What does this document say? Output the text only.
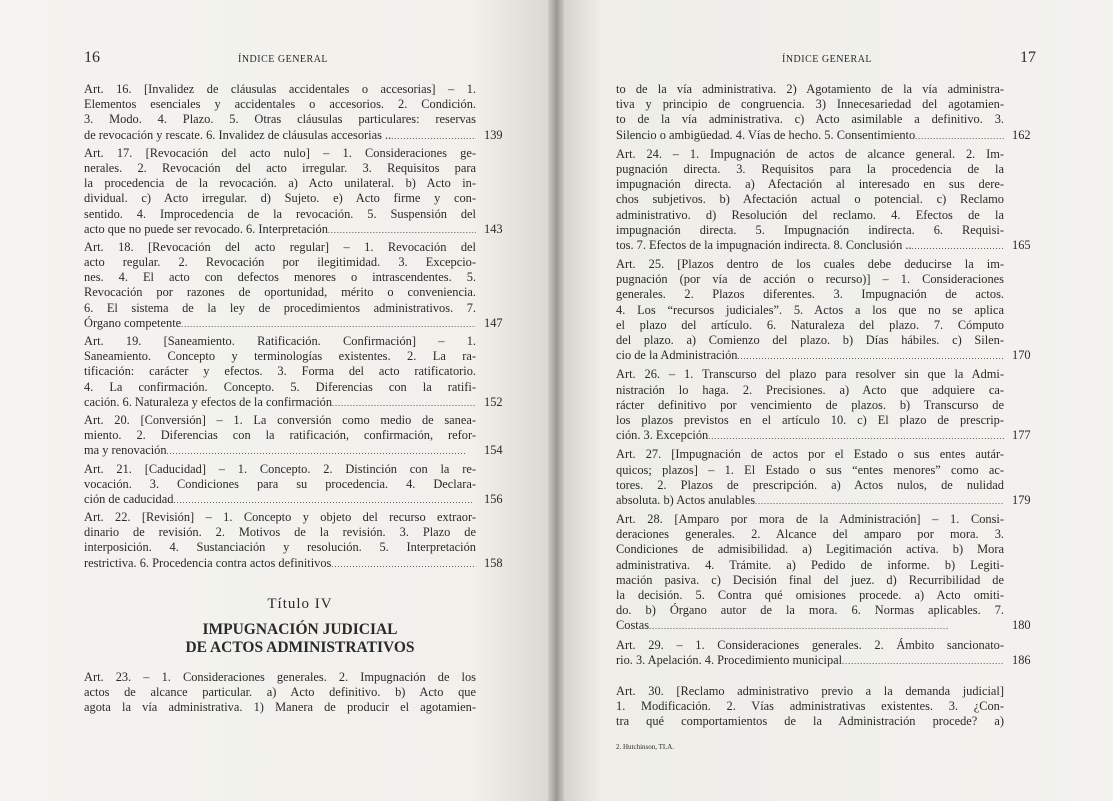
16	ÍNDICE GENERAL
Art. 16. [Invalidez de cláusulas accidentales o accesorias] – 1.
Elementos esenciales y accidentales o accesorios. 2. Condición.
3. Modo. 4. Plazo. 5. Otras cláusulas particulares: reservas
de revocación y rescate. 6. Invalidez de cláusulas accesorias .. . . .	139
Art. 17. [Revocación del acto nulo] – 1. Consideraciones ge-
nerales. 2. Revocación del acto irregular. 3. Requisitos para
la procedencia de la revocación. a) Acto unilateral. b) Acto in-
dividual. c) Acto irregular. d) Sujeto. e) Acto firme y con-
sentido. 4. Improcedencia de la revocación. 5. Suspensión del
acto que no puede ser revocado. 6. Interpretación . . .	143
Art. 18. [Revocación del acto regular] – 1. Revocación del
acto regular. 2. Revocación por ilegitimidad. 3. Excepcio-
nes. 4. El acto con defectos menores o intrascendentes. 5.
Revocación por razones de oportunidad, mérito o conveniencia.
6. El sistema de la ley de procedimientos administrativos. 7.
Órgano competente . . .	147
Art. 19. [Saneamiento. Ratificación. Confirmación] – 1.
Saneamiento. Concepto y terminologías existentes. 2. La ra-
tificación: carácter y efectos. 3. Forma del acto ratificatorio.
4. La confirmación. Concepto. 5. Diferencias con la ratifi-
cación. 6. Naturaleza y efectos de la confirmación . . .	152
Art. 20. [Conversión] – 1. La conversión como medio de sanea-
miento. 2. Diferencias con la ratificación, confirmación, refor-
ma y renovación . . .	154
Art. 21. [Caducidad] – 1. Concepto. 2. Distinción con la re-
vocación. 3. Condiciones para su procedencia. 4. Declara-
ción de caducidad . . .	156
Art. 22. [Revisión] – 1. Concepto y objeto del recurso extraor-
dinario de revisión. 2. Motivos de la revisión. 3. Plazo de
interposición. 4. Sustanciación y resolución. 5. Interpretación
restrictiva. 6. Procedencia contra actos definitivos . . .	158
Título IV
IMPUGNACIÓN JUDICIAL
DE ACTOS ADMINISTRATIVOS
Art. 23. – 1. Consideraciones generales. 2. Impugnación de los
actos de alcance particular. a) Acto definitivo. b) Acto que
agota la vía administrativa. 1) Manera de producir el agotamien-
ÍNDICE GENERAL	17
to de la vía administrativa. 2) Agotamiento de la vía administra-
tiva y principio de congruencia. 3) Innecesariedad del agotamien-
to de la vía administrativa. c) Acto asimilable a definitivo. 3.
Silencio o ambigüedad. 4. Vías de hecho. 5. Consentimiento . . .	162
Art. 24. – 1. Impugnación de actos de alcance general. 2. Im-
pugnación directa. 3. Requisitos para la procedencia de la
impugnación directa. a) Afectación al interesado en sus dere-
chos subjetivos. b) Afectación actual o potencial. c) Reclamo
administrativo. d) Resolución del reclamo. 4. Efectos de la
impugnación directa. 5. Impugnación indirecta. 6. Requisi-
tos. 7. Efectos de la impugnación indirecta. 8. Conclusión .. . . .	165
Art. 25. [Plazos dentro de los cuales debe deducirse la im-
pugnación (por vía de acción o recurso)] – 1. Consideraciones
generales. 2. Plazos diferentes. 3. Impugnación de actos.
4. Los “recursos judiciales”. 5. Actos a los que no se aplica
el plazo del artículo. 6. Naturaleza del plazo. 7. Cómputo
del plazo. a) Comienzo del plazo. b) Días hábiles. c) Silen-
cio de la Administración . . .	170
Art. 26. – 1. Transcurso del plazo para resolver sin que la Admi-
nistración lo haga. 2. Precisiones. a) Acto que adquiere ca-
rácter definitivo por vencimiento de plazos. b) Transcurso de
los plazos previstos en el artículo 10. c) El plazo de prescrip-
ción. 3. Excepción . . .	177
Art. 27. [Impugnación de actos por el Estado o sus entes autár-
quicos; plazos] – 1. El Estado o sus “entes menores” como ac-
tores. 2. Plazos de prescripción. a) Actos nulos, de nulidad
absoluta. b) Actos anulables . . .	179
Art. 28. [Amparo por mora de la Administración] – 1. Consi-
deraciones generales. 2. Alcance del amparo por mora. 3.
Condiciones de admisibilidad. a) Legitimación activa. b) Mora
administrativa. 4. Trámite. a) Pedido de informe. b) Legiti-
mación pasiva. c) Decisión final del juez. d) Recurribilidad de
la decisión. 5. Contra qué omisiones procede. a) Acto omiti-
do. b) Órgano autor de la mora. 6. Normas aplicables. 7.
Costas . . .	180
Art. 29. – 1. Consideraciones generales. 2. Ámbito sancionato-
rio. 3. Apelación. 4. Procedimiento municipal . . .	186
Art. 30. [Reclamo administrativo previo a la demanda judicial]
1. Modificación. 2. Vías administrativas existentes. 3. ¿Con-
tra qué comportamientos de la Administración procede? a)
2. Hutchinson, TLA.
